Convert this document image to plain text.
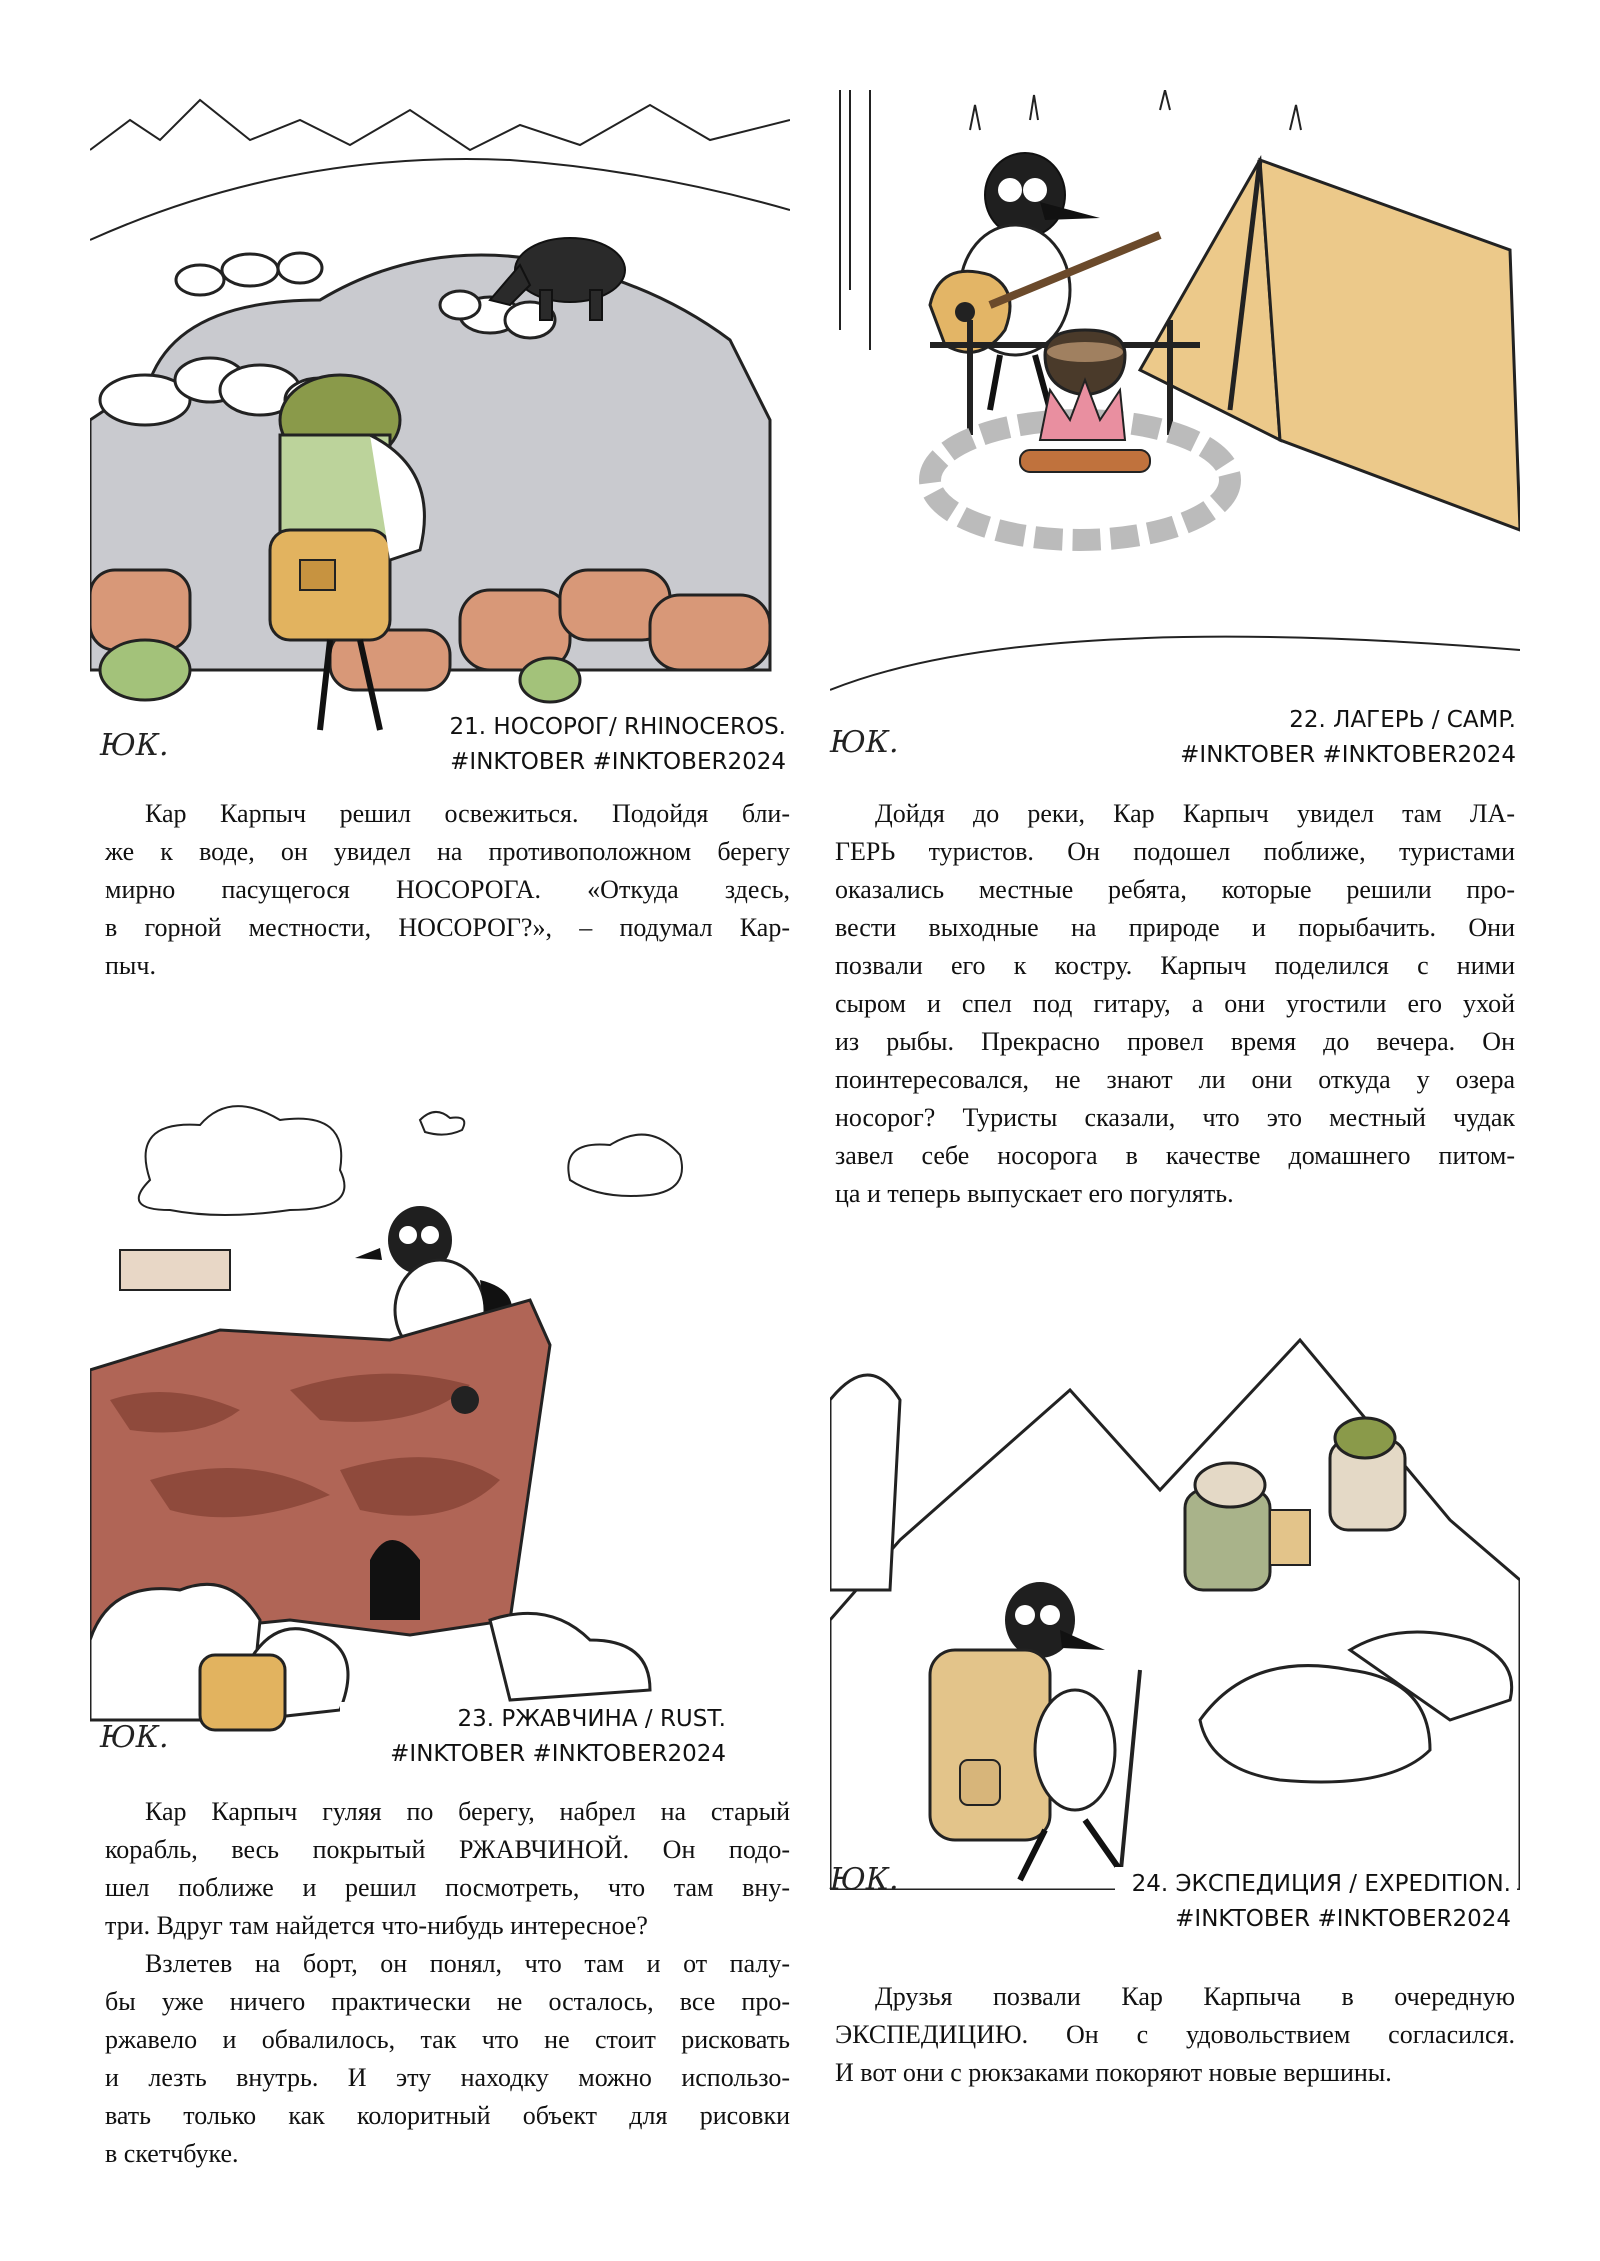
21. НОСОРОГ/ RHINOCEROS.
#INKTOBER #INKTOBER2024
ЮК.
22. ЛАГЕРЬ / CAMP.
#INKTOBER #INKTOBER2024
ЮК.
23. РЖАВЧИНА / RUST.
#INKTOBER #INKTOBER2024
ЮК.
24. ЭКСПЕДИЦИЯ / EXPEDITION.
#INKTOBER #INKTOBER2024
ЮК.

Кар Карпыч решил освежиться. Подойдя бли-
же к воде, он увидел на противоположном берегу
мирно пасущегося НОСОРОГА. «Откуда здесь,
в горной местности, НОСОРОГ?», – подумал Кар-
пыч.

Дойдя до реки, Кар Карпыч увидел там ЛА-
ГЕРЬ туристов. Он подошел поближе, туристами
оказались местные ребята, которые решили про-
вести выходные на природе и порыбачить. Они
позвали его к костру. Карпыч поделился с ними
сыром и спел под гитару, а они угостили его ухой
из рыбы. Прекрасно провел время до вечера. Он
поинтересовался, не знают ли они откуда у озера
носорог? Туристы сказали, что это местный чудак
завел себе носорога в качестве домашнего питом-
ца и теперь выпускает его погулять.

Кар Карпыч гуляя по берегу, набрел на старый
корабль, весь покрытый РЖАВЧИНОЙ. Он подо-
шел поближе и решил посмотреть, что там вну-
три. Вдруг там найдется что-нибудь интересное?

Взлетев на борт, он понял, что там и от палу-
бы уже ничего практически не осталось, все про-
ржавело и обвалилось, так что не стоит рисковать
и лезть внутрь. И эту находку можно использо-
вать только как колоритный объект для рисовки
в скетчбуке.

Друзья позвали Кар Карпыча в очередную
ЭКСПЕДИЦИЮ. Он с удовольствием согласился.
И вот они с рюкзаками покоряют новые вершины.
